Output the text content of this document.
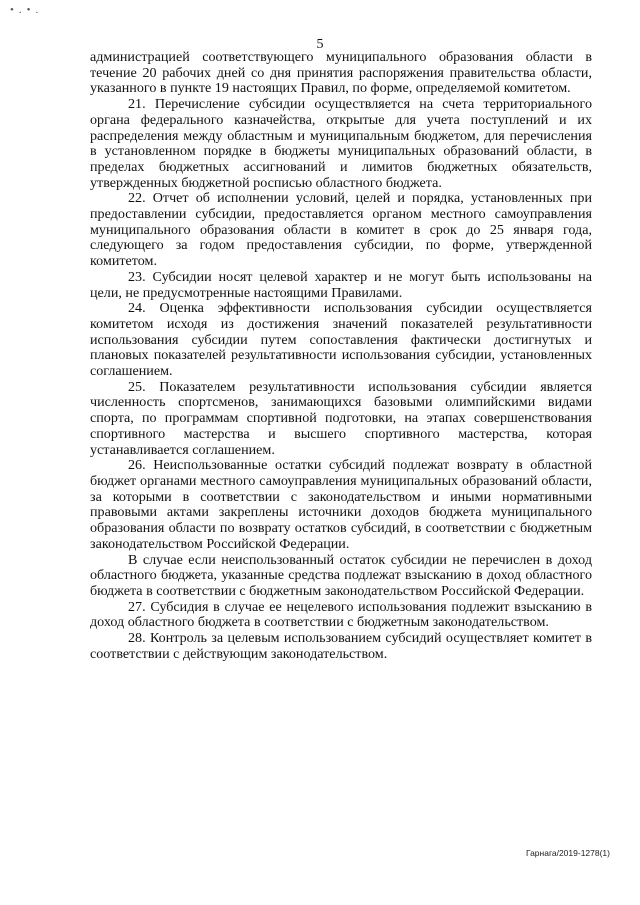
•.•.
5

администрацией соответствующего муниципального образования области в течение 20 рабочих дней со дня принятия распоряжения правительства области, указанного в пункте 19 настоящих Правил, по форме, определяемой комитетом.

21. Перечисление субсидии осуществляется на счета территориального органа федерального казначейства, открытые для учета поступлений и их распределения между областным и муниципальным бюджетом, для перечисления в установленном порядке в бюджеты муниципальных образований области, в пределах бюджетных ассигнований и лимитов бюджетных обязательств, утвержденных бюджетной росписью областного бюджета.

22. Отчет об исполнении условий, целей и порядка, установленных при предоставлении субсидии, предоставляется органом местного самоуправления муниципального образования области в комитет в срок до 25 января года, следующего за годом предоставления субсидии, по форме, утвержденной комитетом.

23. Субсидии носят целевой характер и не могут быть использованы на цели, не предусмотренные настоящими Правилами.

24. Оценка эффективности использования субсидии осуществляется комитетом исходя из достижения значений показателей результативности использования субсидии путем сопоставления фактически достигнутых и плановых показателей результативности использования субсидии, установленных соглашением.

25. Показателем результативности использования субсидии является численность спортсменов, занимающихся базовыми олимпийскими видами спорта, по программам спортивной подготовки, на этапах совершенствования спортивного мастерства и высшего спортивного мастерства, которая устанавливается соглашением.

26. Неиспользованные остатки субсидий подлежат возврату в областной бюджет органами местного самоуправления муниципальных образований области, за которыми в соответствии с законодательством и иными нормативными правовыми актами закреплены источники доходов бюджета муниципального образования области по возврату остатков субсидий, в соответствии с бюджетным законодательством Российской Федерации.

В случае если неиспользованный остаток субсидии не перечислен в доход областного бюджета, указанные средства подлежат взысканию в доход областного бюджета в соответствии с бюджетным законодательством Российской Федерации.

27. Субсидия в случае ее нецелевого использования подлежит взысканию в доход областного бюджета в соответствии с бюджетным законодательством.

28. Контроль за целевым использованием субсидий осуществляет комитет в соответствии с действующим законодательством.

Гарнага/2019-1278(1)
